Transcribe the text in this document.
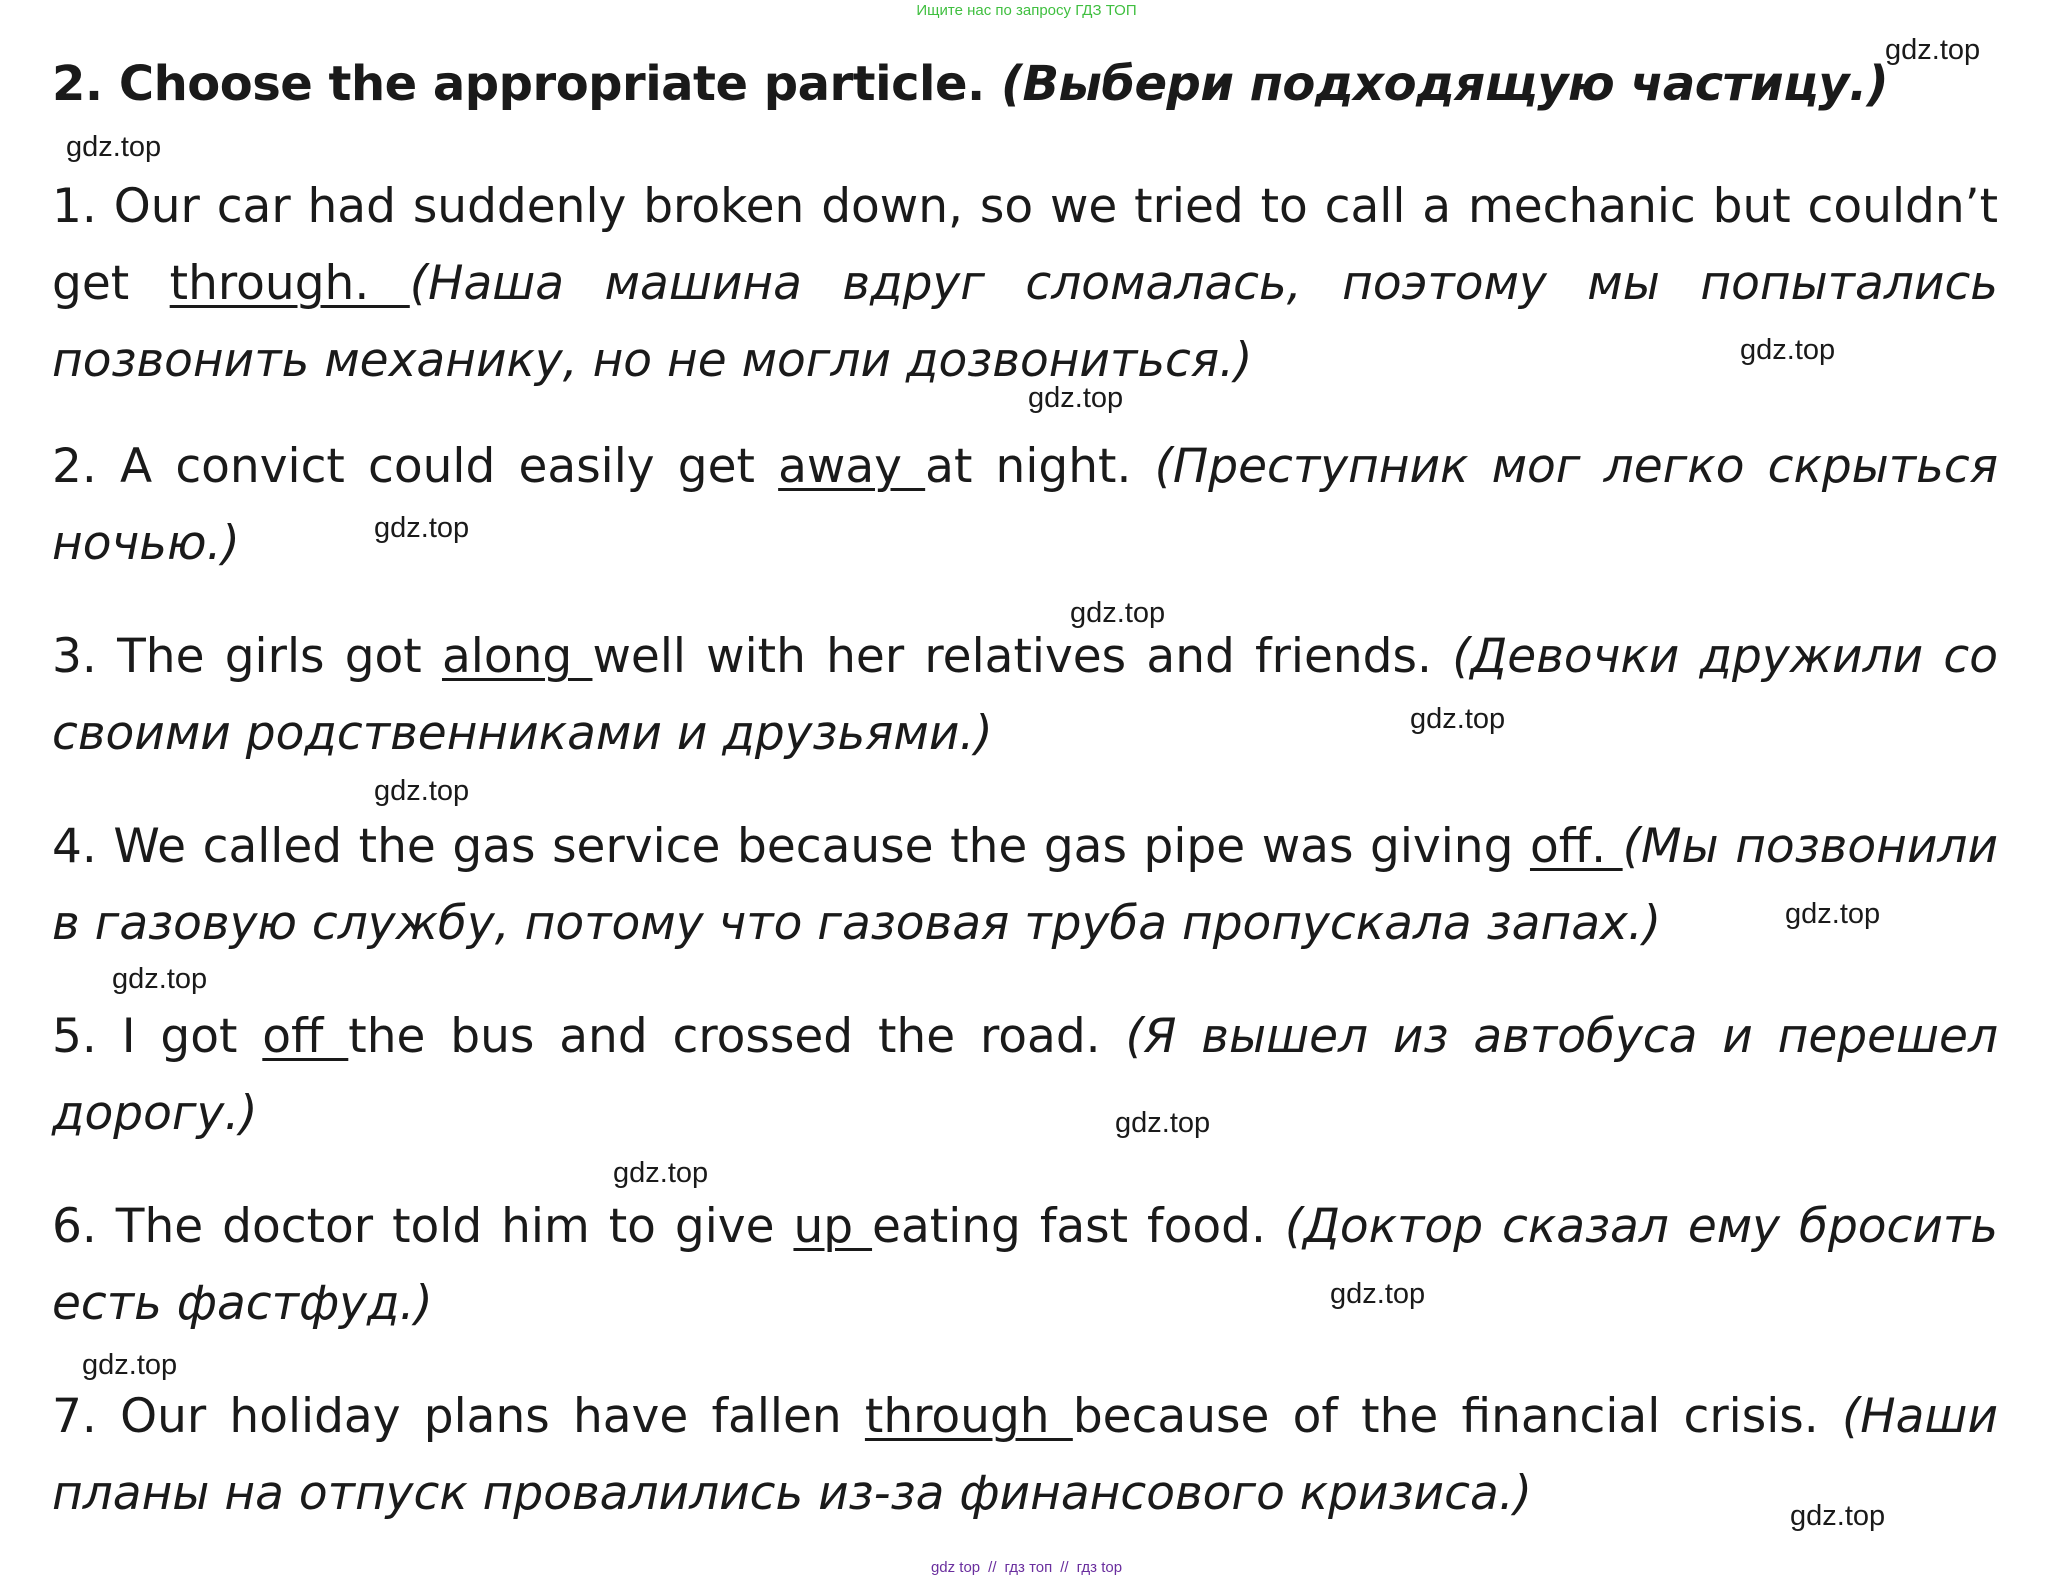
Ищите нас по запросу ГДЗ ТОП
2. Choose the appropriate particle. (Выбери подходящую частицу.)

1. Our car had suddenly broken down, so we tried to call a mechanic but couldn’t get through. (Наша машина вдруг сломалась, поэтому мы попытались позвонить механику, но не могли дозвониться.)

2. A convict could easily get away at night. (Преступник мог легко скрыться ночью.)

3. The girls got along well with her relatives and friends. (Девочки дружили со своими родственниками и друзьями.)

4. We called the gas service because the gas pipe was giving off. (Мы позвонили в газовую службу, потому что газовая труба пропускала запах.)

5. I got off the bus and crossed the road. (Я вышел из автобуса и перешел дорогу.)

6. The doctor told him to give up eating fast food. (Доктор сказал ему бросить есть фастфуд.)

7. Our holiday plans have fallen through because of the financial crisis. (Наши планы на отпуск провалились из-за финансового кризиса.)

gdz.top
gdz.top
gdz.top
gdz.top
gdz.top
gdz.top
gdz.top
gdz.top
gdz.top
gdz.top
gdz.top
gdz.top
gdz.top
gdz.top
gdz.top
gdz top // гдз топ // гдз top
